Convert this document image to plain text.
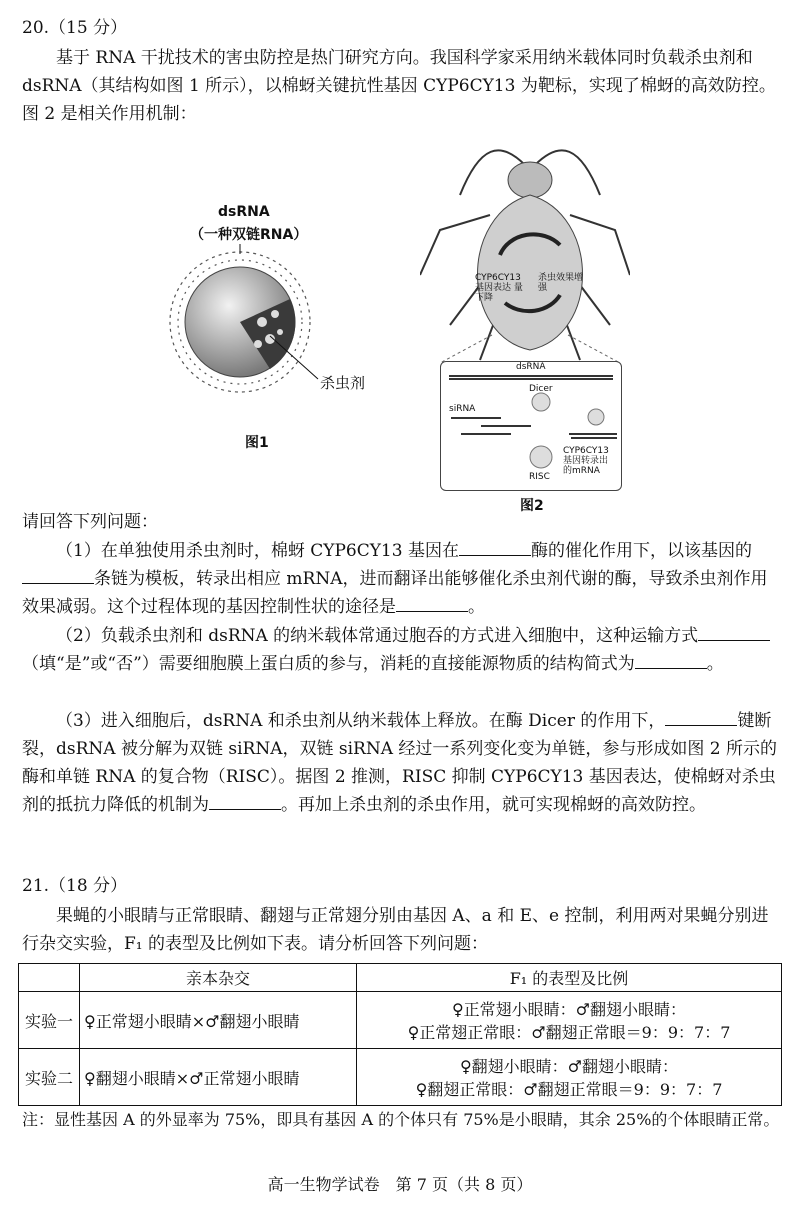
20.（15 分）
基于 RNA 干扰技术的害虫防控是热门研究方向。我国科学家采用纳米载体同时负载杀虫剂和 dsRNA（其结构如图 1 所示），以棉蚜关键抗性基因 CYP6CY13 为靶标，实现了棉蚜的高效防控。图 2 是相关作用机制：
dsRNA
（一种双链RNA）
杀虫剂
图1
CYP6CY13 基因表达 量下降
杀虫效果增强
dsRNA
Dicer
siRNA
RISC
CYP6CY13 基因转录出 的mRNA
图2
请回答下列问题：
（1）在单独使用杀虫剂时，棉蚜 CYP6CY13 基因在	酶的催化作用下，以该基因的条链为模板，转录出相应 mRNA，进而翻译出能够催化杀虫剂代谢的酶，导致杀虫剂作用效果减弱。这个过程体现的基因控制性状的途径是	。
（2）负载杀虫剂和 dsRNA 的纳米载体常通过胞吞的方式进入细胞中，这种运输方式（填“是”或“否”）需要细胞膜上蛋白质的参与，消耗的直接能源物质的结构简式为	。
（3）进入细胞后，dsRNA 和杀虫剂从纳米载体上释放。在酶 Dicer 的作用下，	键断裂，dsRNA 被分解为双链 siRNA，双链 siRNA 经过一系列变化变为单链，参与形成如图 2 所示的酶和单链 RNA 的复合物（RISC）。据图 2 推测，RISC 抑制 CYP6CY13 基因表达，使棉蚜对杀虫剂的抵抗力降低的机制为	。再加上杀虫剂的杀虫作用，就可实现棉蚜的高效防控。
21.（18 分）
果蝇的小眼睛与正常眼睛、翻翅与正常翅分别由基因 A、a 和 E、e 控制，利用两对果蝇分别进行杂交实验，F₁ 的表型及比例如下表。请分析回答下列问题：
	亲本杂交	F₁ 的表型及比例
实验一	♀正常翅小眼睛×♂翻翅小眼睛	♀正常翅小眼睛：♂翻翅小眼睛：
♀正常翅正常眼：♂翻翅正常眼＝9：9：7：7

实验二	♀翻翅小眼睛×♂正常翅小眼睛	♀翻翅小眼睛：♂翻翅小眼睛：
♀翻翅正常眼：♂翻翅正常眼＝9：9：7：7
注：显性基因 A 的外显率为 75%，即具有基因 A 的个体只有 75%是小眼睛，其余 25%的个体眼睛正常。
高一生物学试卷　第 7 页（共 8 页）
